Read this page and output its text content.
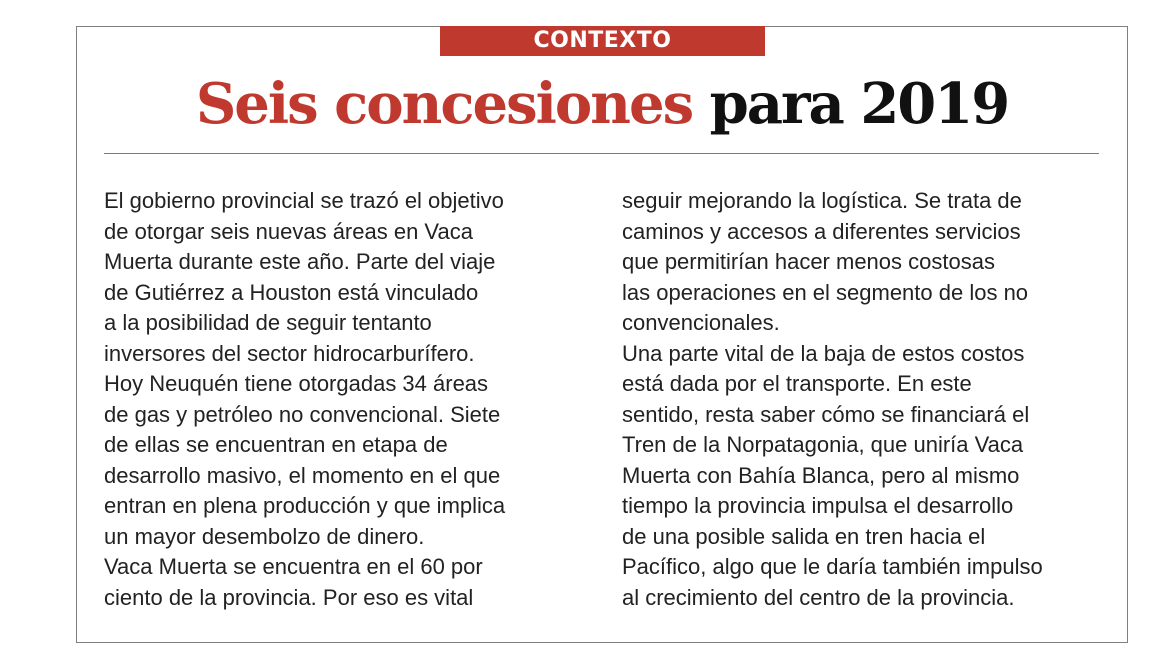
CONTEXTO
Seis concesiones para 2019
El gobierno provincial se trazó el objetivo
de otorgar seis nuevas áreas en Vaca
Muerta durante este año. Parte del viaje
de Gutiérrez a Houston está vinculado
a la posibilidad de seguir tentanto
inversores del sector hidrocarburífero.
Hoy Neuquén tiene otorgadas 34 áreas
de gas y petróleo no convencional. Siete
de ellas se encuentran en etapa de
desarrollo masivo, el momento en el que
entran en plena producción y que implica
un mayor desembolzo de dinero.
Vaca Muerta se encuentra en el 60 por
ciento de la provincia. Por eso es vital
seguir mejorando la logística. Se trata de
caminos y accesos a diferentes servicios
que permitirían hacer menos costosas
las operaciones en el segmento de los no
convencionales.
Una parte vital de la baja de estos costos
está dada por el transporte. En este
sentido, resta saber cómo se financiará el
Tren de la Norpatagonia, que uniría Vaca
Muerta con Bahía Blanca, pero al mismo
tiempo la provincia impulsa el desarrollo
de una posible salida en tren hacia el
Pacífico, algo que le daría también impulso
al crecimiento del centro de la provincia.
